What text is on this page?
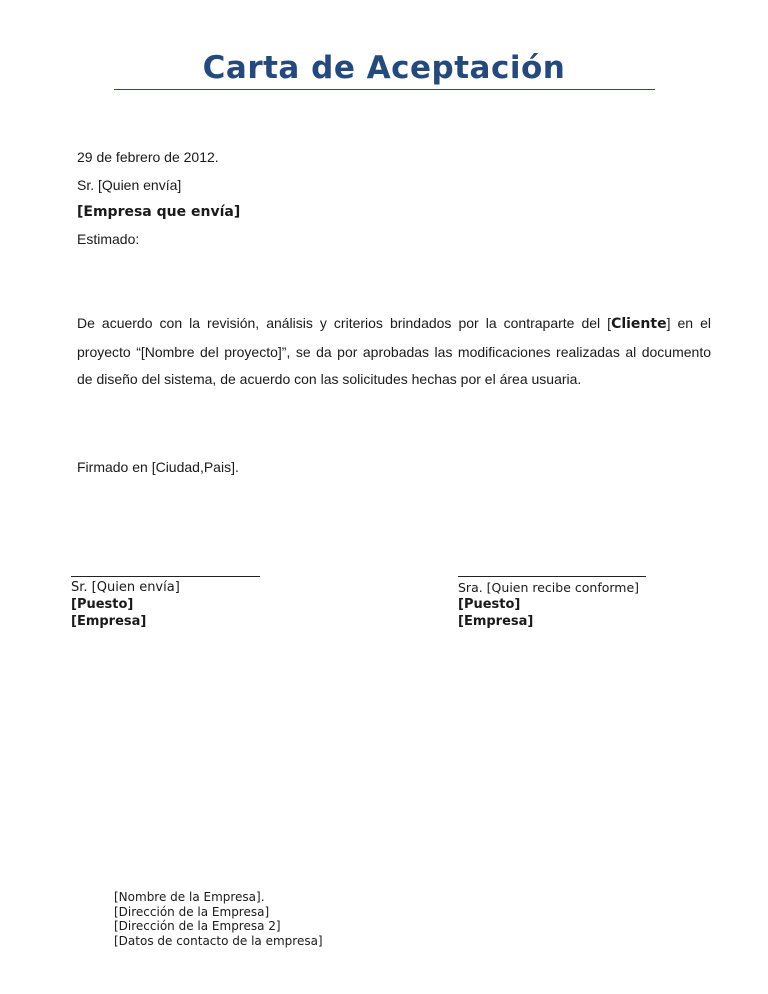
Carta de Aceptación
29 de febrero de 2012.
Sr. [Quien envía]
[Empresa que envía]
Estimado:

De acuerdo con la revisión, análisis y criterios brindados por la contraparte del [Cliente] en el proyecto “[Nombre del proyecto]”, se da por aprobadas las modificaciones realizadas al documento de diseño del sistema, de acuerdo con las solicitudes hechas por el área usuaria.

Firmado en [Ciudad,Pais].
Sr. [Quien envía]
[Puesto]
[Empresa]
Sra. [Quien recibe conforme]
[Puesto]
[Empresa]
[Nombre de la Empresa].
[Dirección de la Empresa]
[Dirección de la Empresa 2]
[Datos de contacto de la empresa]
